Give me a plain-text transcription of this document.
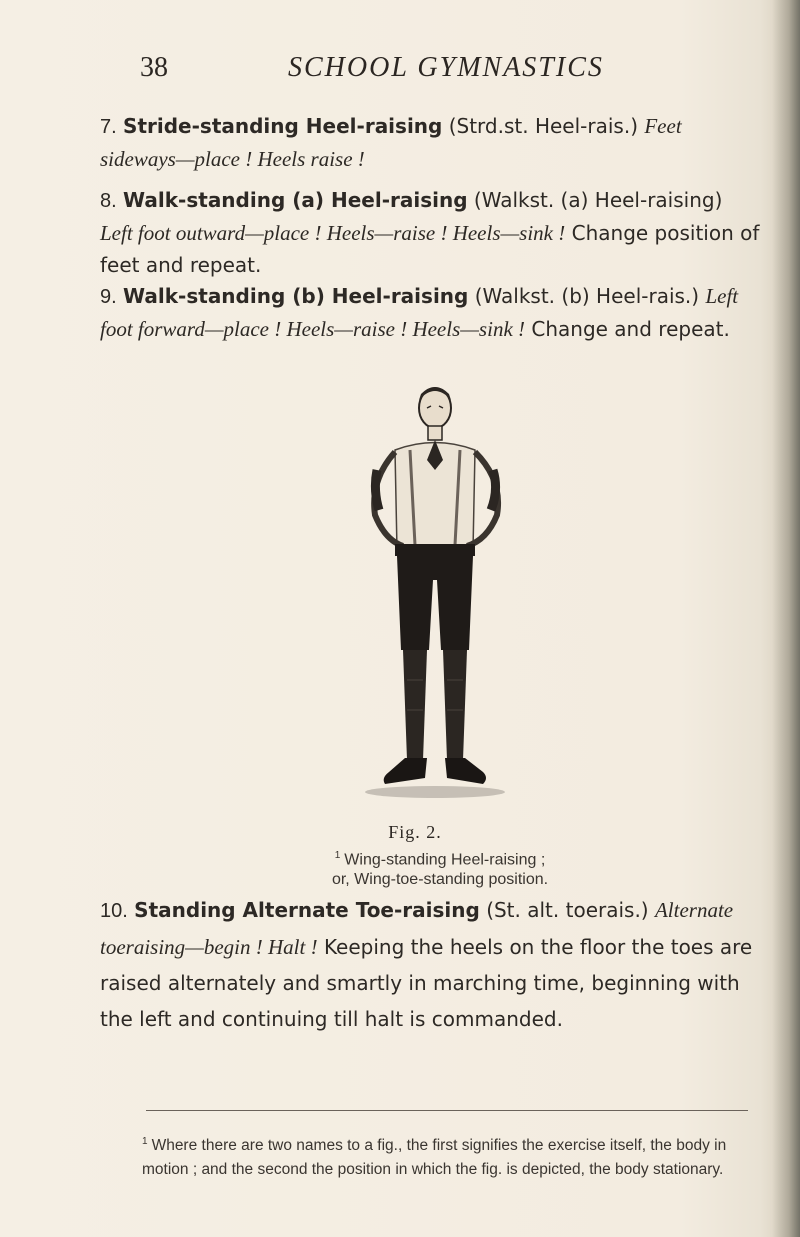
38	SCHOOL GYMNASTICS
7. Stride-standing Heel-raising (Strd.st. Heel-rais.) Feet sideways—place ! Heels raise !
8. Walk-standing (a) Heel-raising (Walkst. (a) Heel-raising) Left foot outward—place ! Heels—raise ! Heels—sink ! Change position of feet and repeat.
9. Walk-standing (b) Heel-raising (Walkst. (b) Heel-rais.) Left foot forward—place ! Heels—raise ! Heels—sink ! Change and repeat.
Fig. 2.
$^1$ Wing-standing Heel-raising ;
or, Wing-toe-standing position.
10. Standing Alternate Toe-raising (St. alt. toerais.) Alternate toeraising—begin ! Halt ! Keeping the heels on the floor the toes are raised alternately and smartly in marching time, beginning with the left and continuing till halt is commanded.
$^1$ Where there are two names to a fig., the first signifies the exercise itself, the body in motion ; and the second the position in which the fig. is depicted, the body stationary.
